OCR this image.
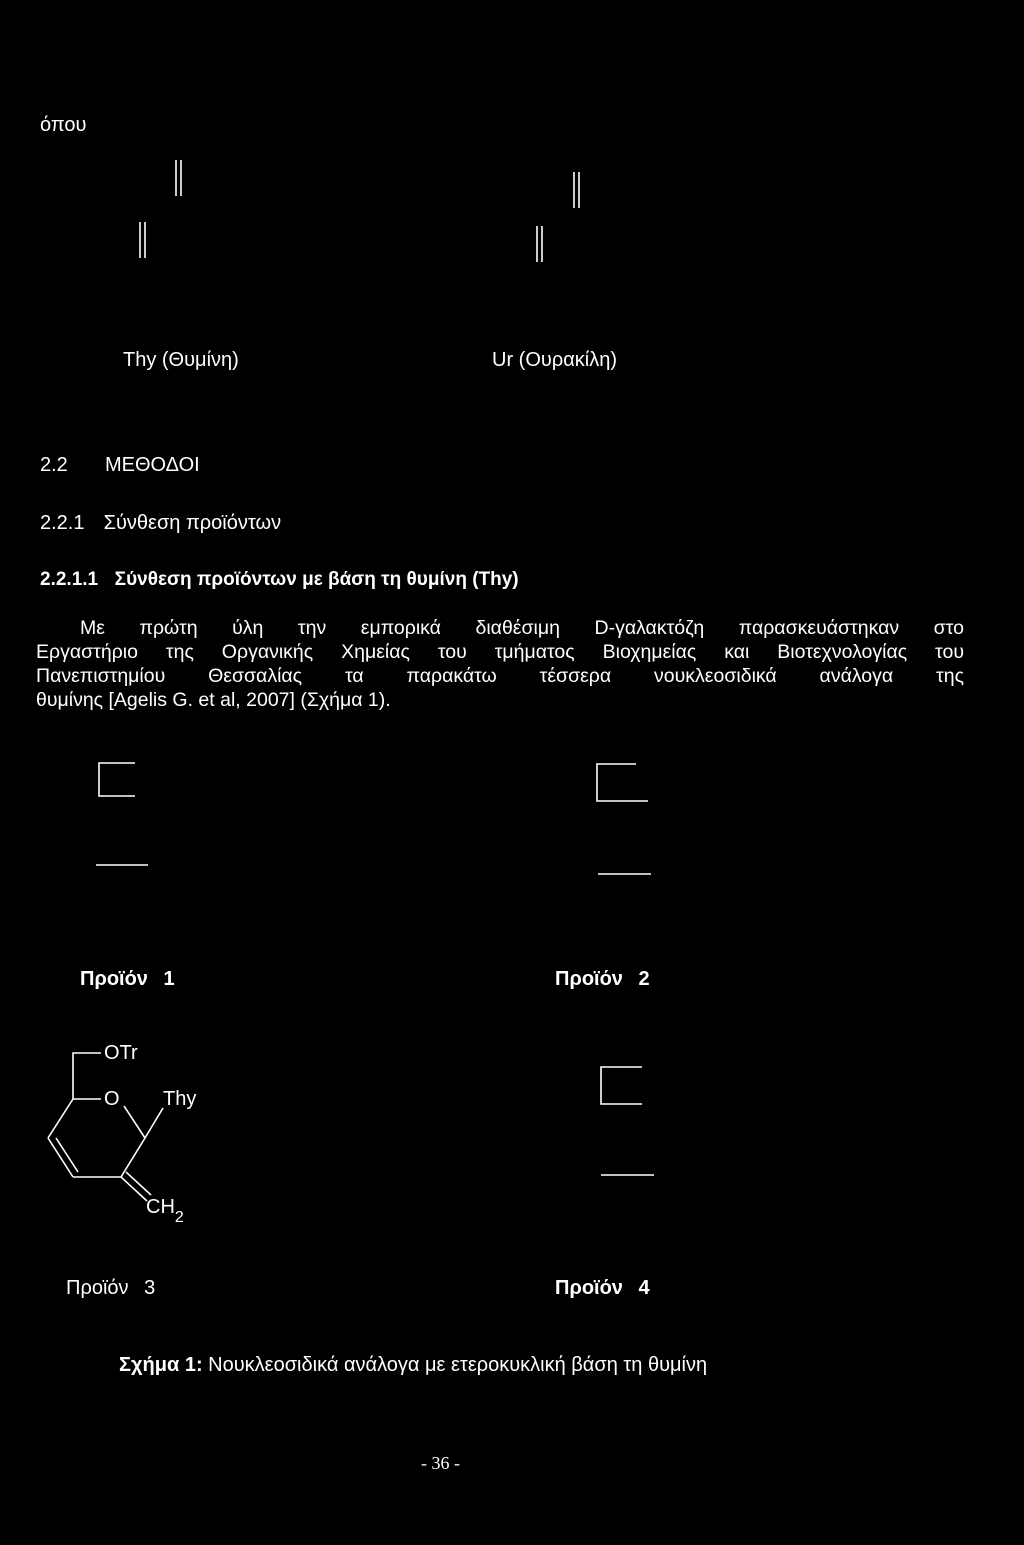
όπου
Thy (Θυμίνη)	Ur (Ουρακίλη)
2.2 ΜΕΘΟΔΟΙ
2.2.1 Σύνθεση προϊόντων
2.2.1.1 Σύνθεση προϊόντων με βάση τη θυμίνη (Thy)
Με πρώτη ύλη την εμπορικά διαθέσιμη D-γαλακτόζη παρασκευάστηκαν στο
Εργαστήριο της Οργανικής Χημείας του τμήματος Βιοχημείας και Βιοτεχνολογίας του
Πανεπιστημίου Θεσσαλίας τα παρακάτω τέσσερα νουκλεοσιδικά ανάλογα της
θυμίνης [Agelis G. et al, 2007] (Σχήμα 1).
Προϊόν 1	Προϊόν 2
OTr
O Thy
$CH_2$
Προϊόν 3	Προϊόν 4
Σχήμα 1: Νουκλεοσιδικά ανάλογα με ετεροκυκλική βάση τη θυμίνη
- 36 -
